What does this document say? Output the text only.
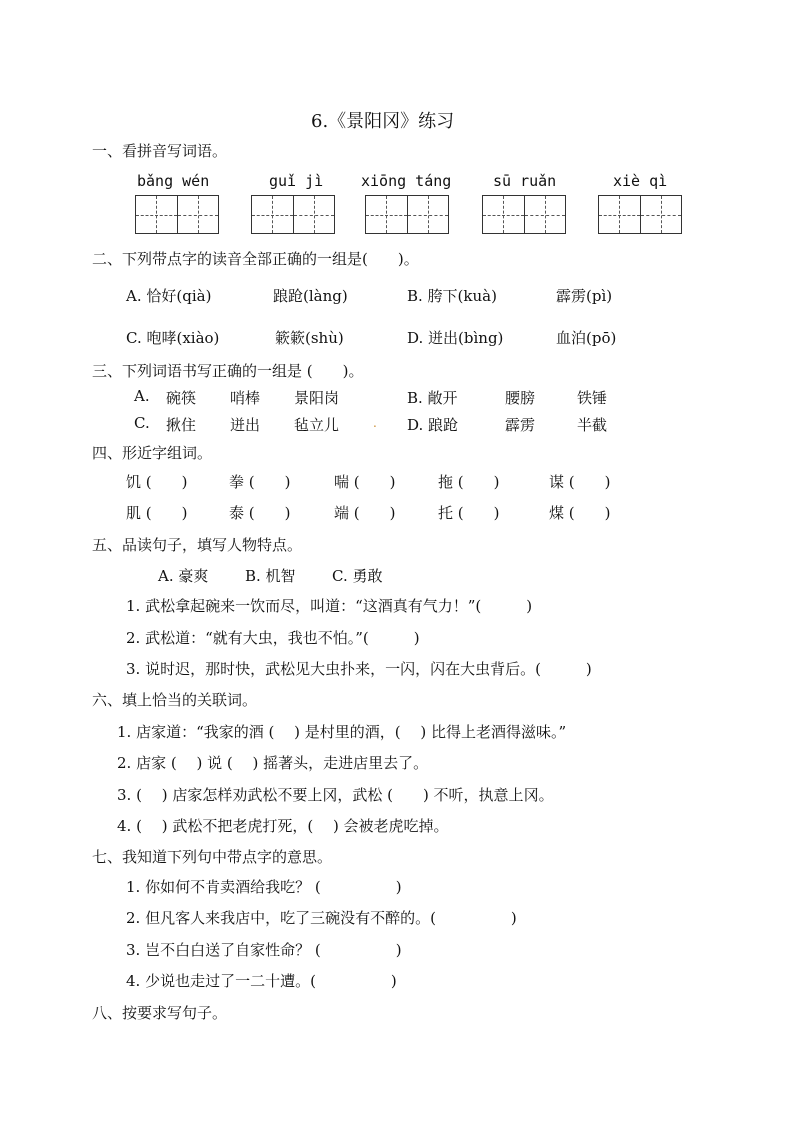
6.《景阳冈》练习
一、看拼音写词语。
bǎng wén	guǐ jì	xiōng táng	sū ruǎn	xiè qì
二、下列带点字的读音全部正确的一组是(　　)。
A. 恰好(qià)	踉跄(làng)	B. 胯下(kuà)	霹雳(pì)
C. 咆哮(xiào)	簌簌(shù)	D. 迸出(bìng)	血泊(pō)
三、下列词语书写正确的一组是 (　　)。
A. 碗筷 哨棒 景阳岗	B. 敞开	腰膀	铁锤
C. 揪住 迸出 毡立儿	. D. 踉跄	霹雳	半截
四、形近字组词。
饥 (　　)	拳 (　　)	喘 (　　)	拖 (　　)	谋 (　　)
肌 (　　)	泰 (　　)	端 (　　)	托 (　　)	煤 (　　)
五、品读句子，填写人物特点。
A. 豪爽 B. 机智 C. 勇敢
1. 武松拿起碗来一饮而尽，叫道：“这酒真有气力！”(　　　)
2. 武松道：“就有大虫，我也不怕。”(　　　)
3. 说时迟，那时快，武松见大虫扑来，一闪，闪在大虫背后。(　　　)
六、填上恰当的关联词。
1. 店家道：“我家的酒 (　 ) 是村里的酒，(　 ) 比得上老酒得滋味。”
2. 店家 (　 ) 说 (　 ) 摇著头，走进店里去了。
3. (　 ) 店家怎样劝武松不要上冈，武松 (　　) 不听，执意上冈。
4. (　 ) 武松不把老虎打死，(　 ) 会被老虎吃掉。
七、我知道下列句中带点字的意思。
1. 你如何不肯卖酒给我吃？ (　　　　　)
2. 但凡客人来我店中，吃了三碗没有不醉的。(　　　　　)
3. 岂不白白送了自家性命？ (　　　　　)
4. 少说也走过了一二十遭。(　　　　　)
八、按要求写句子。
